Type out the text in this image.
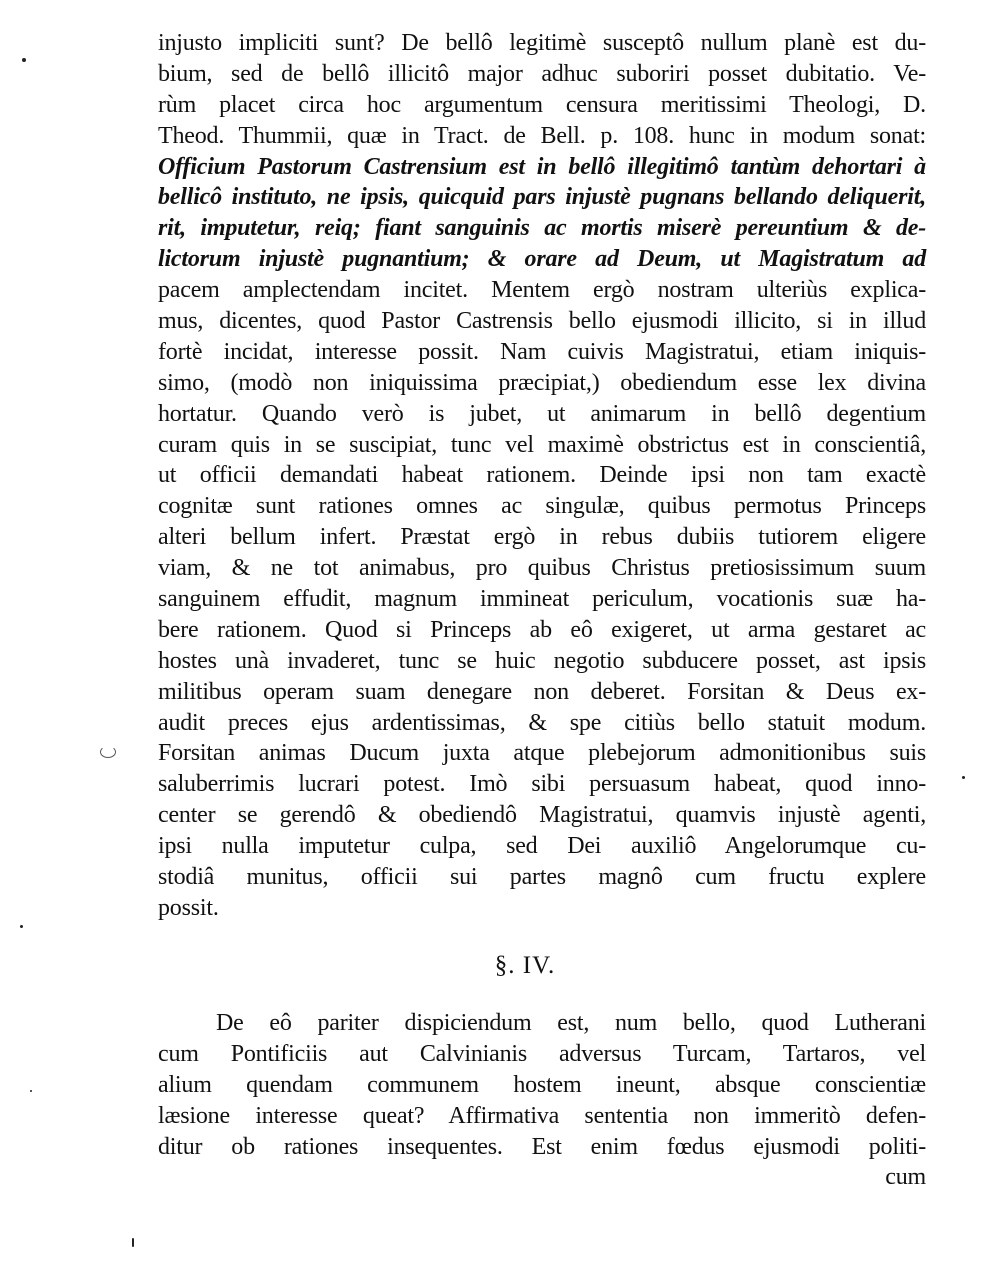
injusto impliciti sunt? De bellô legitimè susceptô nullum planè est du-
bium, sed de bellô illicitô major adhuc suboriri posset dubitatio. Ve-
rùm placet circa hoc argumentum censura meritissimi Theologi, D.
Theod. Thummii, quæ in Tract. de Bell. p. 108. hunc in modum sonat:
Officium Pastorum Castrensium est in bellô illegitimô tantùm dehortari à
bellicô instituto, ne ipsis, quicquid pars injustè pugnans bellando deliquerit,
rit, imputetur, reiq; fiant sanguinis ac mortis miserè pereuntium & de-
lictorum injustè pugnantium; & orare ad Deum, ut Magistratum ad
pacem amplectendam incitet. Mentem ergò nostram ulteriùs explica-
mus, dicentes, quod Pastor Castrensis bello ejusmodi illicito, si in illud
fortè incidat, interesse possit. Nam cuivis Magistratui, etiam iniquis-
simo, (modò non iniquissima præcipiat,) obediendum esse lex divina
hortatur. Quando verò is jubet, ut animarum in bellô degentium
curam quis in se suscipiat, tunc vel maximè obstrictus est in conscientiâ,
ut officii demandati habeat rationem. Deinde ipsi non tam exactè
cognitæ sunt rationes omnes ac singulæ, quibus permotus Princeps
alteri bellum infert. Præstat ergò in rebus dubiis tutiorem eligere
viam, & ne tot animabus, pro quibus Christus pretiosissimum suum
sanguinem effudit, magnum immineat periculum, vocationis suæ ha-
bere rationem. Quod si Princeps ab eô exigeret, ut arma gestaret ac
hostes unà invaderet, tunc se huic negotio subducere posset, ast ipsis
militibus operam suam denegare non deberet. Forsitan & Deus ex-
audit preces ejus ardentissimas, & spe citiùs bello statuit modum.
Forsitan animas Ducum juxta atque plebejorum admonitionibus suis
saluberrimis lucrari potest. Imò sibi persuasum habeat, quod inno-
center se gerendô & obediendô Magistratui, quamvis injustè agenti,
ipsi nulla imputetur culpa, sed Dei auxiliô Angelorumque cu-
stodiâ munitus, officii sui partes magnô cum fructu explere
possit.
§. IV.
De eô pariter dispiciendum est, num bello, quod Lutherani
cum Pontificiis aut Calvinianis adversus Turcam, Tartaros, vel
alium quendam communem hostem ineunt, absque conscientiæ
læsione interesse queat? Affirmativa sententia non immeritò defen-
ditur ob rationes insequentes. Est enim fœdus ejusmodi politi-
cum
